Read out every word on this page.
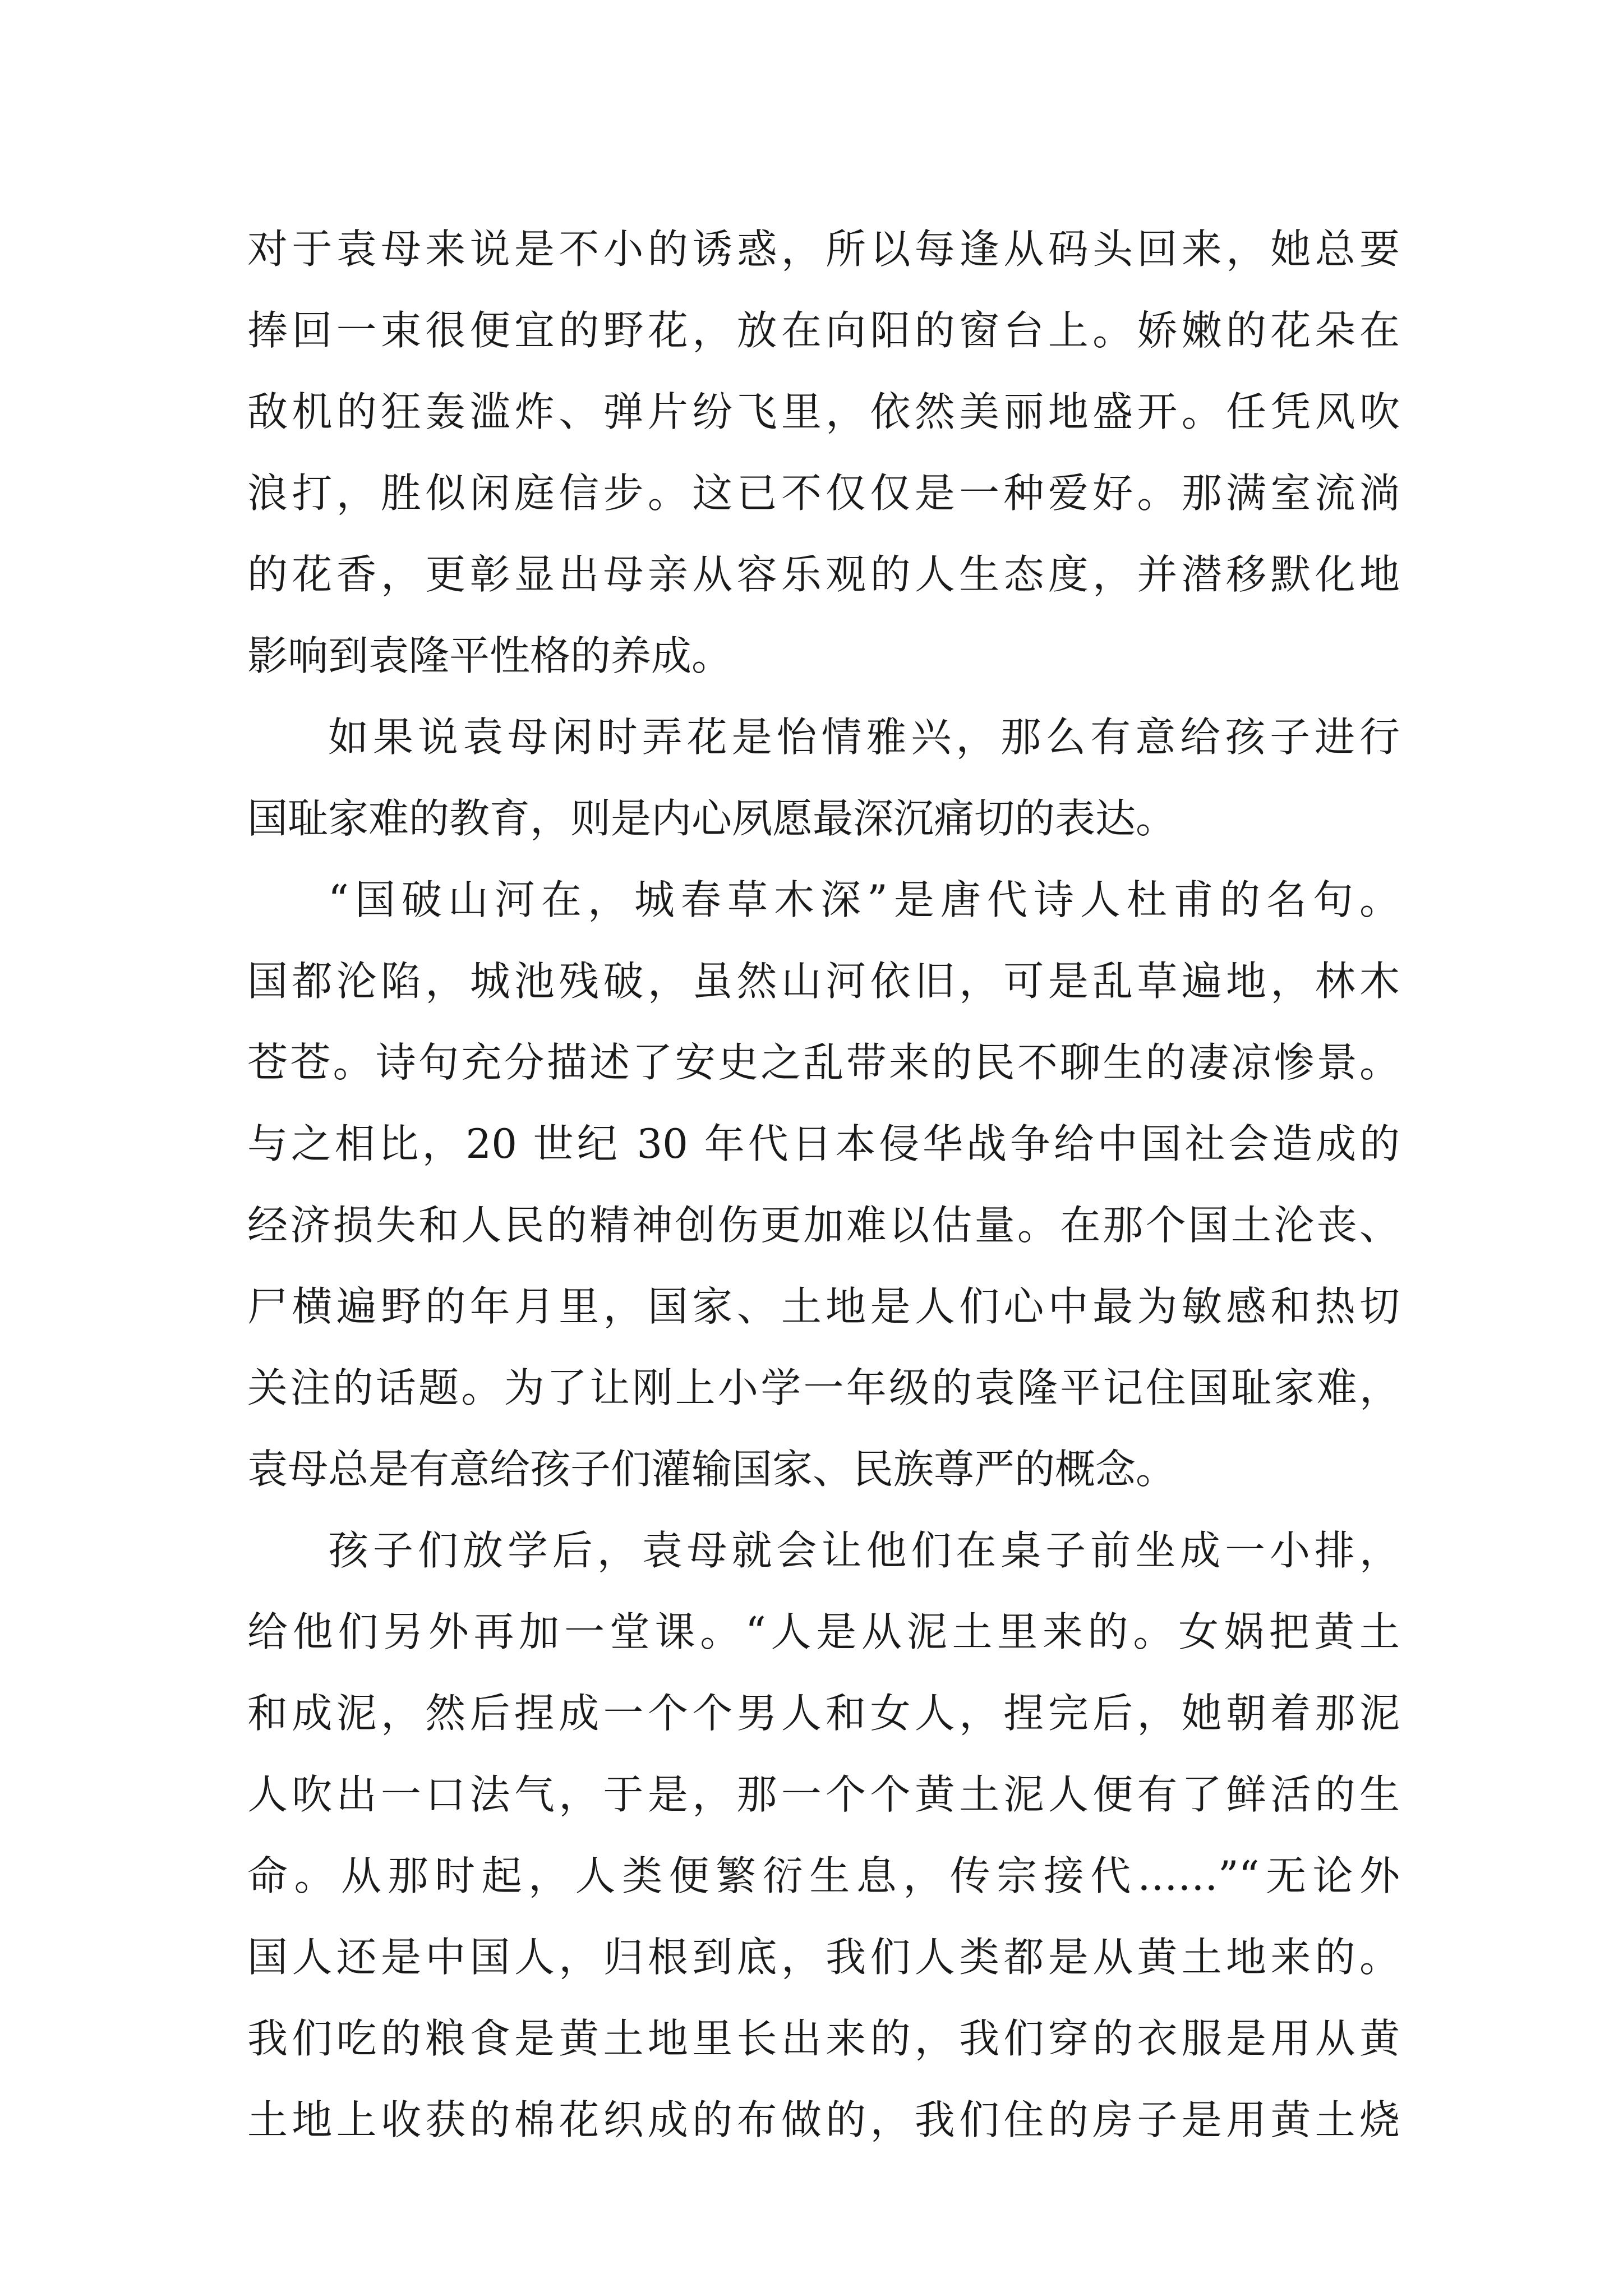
对于袁母来说是不小的诱惑，所以每逢从码头回来，她总要
捧回一束很便宜的野花，放在向阳的窗台上。娇嫩的花朵在
敌机的狂轰滥炸、弹片纷飞里，依然美丽地盛开。任凭风吹
浪打，胜似闲庭信步。这已不仅仅是一种爱好。那满室流淌
的花香，更彰显出母亲从容乐观的人生态度，并潜移默化地
影响到袁隆平性格的养成。
如果说袁母闲时弄花是怡情雅兴，那么有意给孩子进行
国耻家难的教育，则是内心夙愿最深沉痛切的表达。
“国破山河在，城春草木深”是唐代诗人杜甫的名句。
国都沦陷，城池残破，虽然山河依旧，可是乱草遍地，林木
苍苍。诗句充分描述了安史之乱带来的民不聊生的凄凉惨景。
与之相比，20 世纪 30 年代日本侵华战争给中国社会造成的
经济损失和人民的精神创伤更加难以估量。在那个国土沦丧、
尸横遍野的年月里，国家、土地是人们心中最为敏感和热切
关注的话题。为了让刚上小学一年级的袁隆平记住国耻家难，
袁母总是有意给孩子们灌输国家、民族尊严的概念。
孩子们放学后，袁母就会让他们在桌子前坐成一小排，
给他们另外再加一堂课。“人是从泥土里来的。女娲把黄土
和成泥，然后捏成一个个男人和女人，捏完后，她朝着那泥
人吹出一口法气，于是，那一个个黄土泥人便有了鲜活的生
命。从那时起，人类便繁衍生息，传宗接代……”“无论外
国人还是中国人，归根到底，我们人类都是从黄土地来的。
我们吃的粮食是黄土地里长出来的，我们穿的衣服是用从黄
土地上收获的棉花织成的布做的，我们住的房子是用黄土烧
